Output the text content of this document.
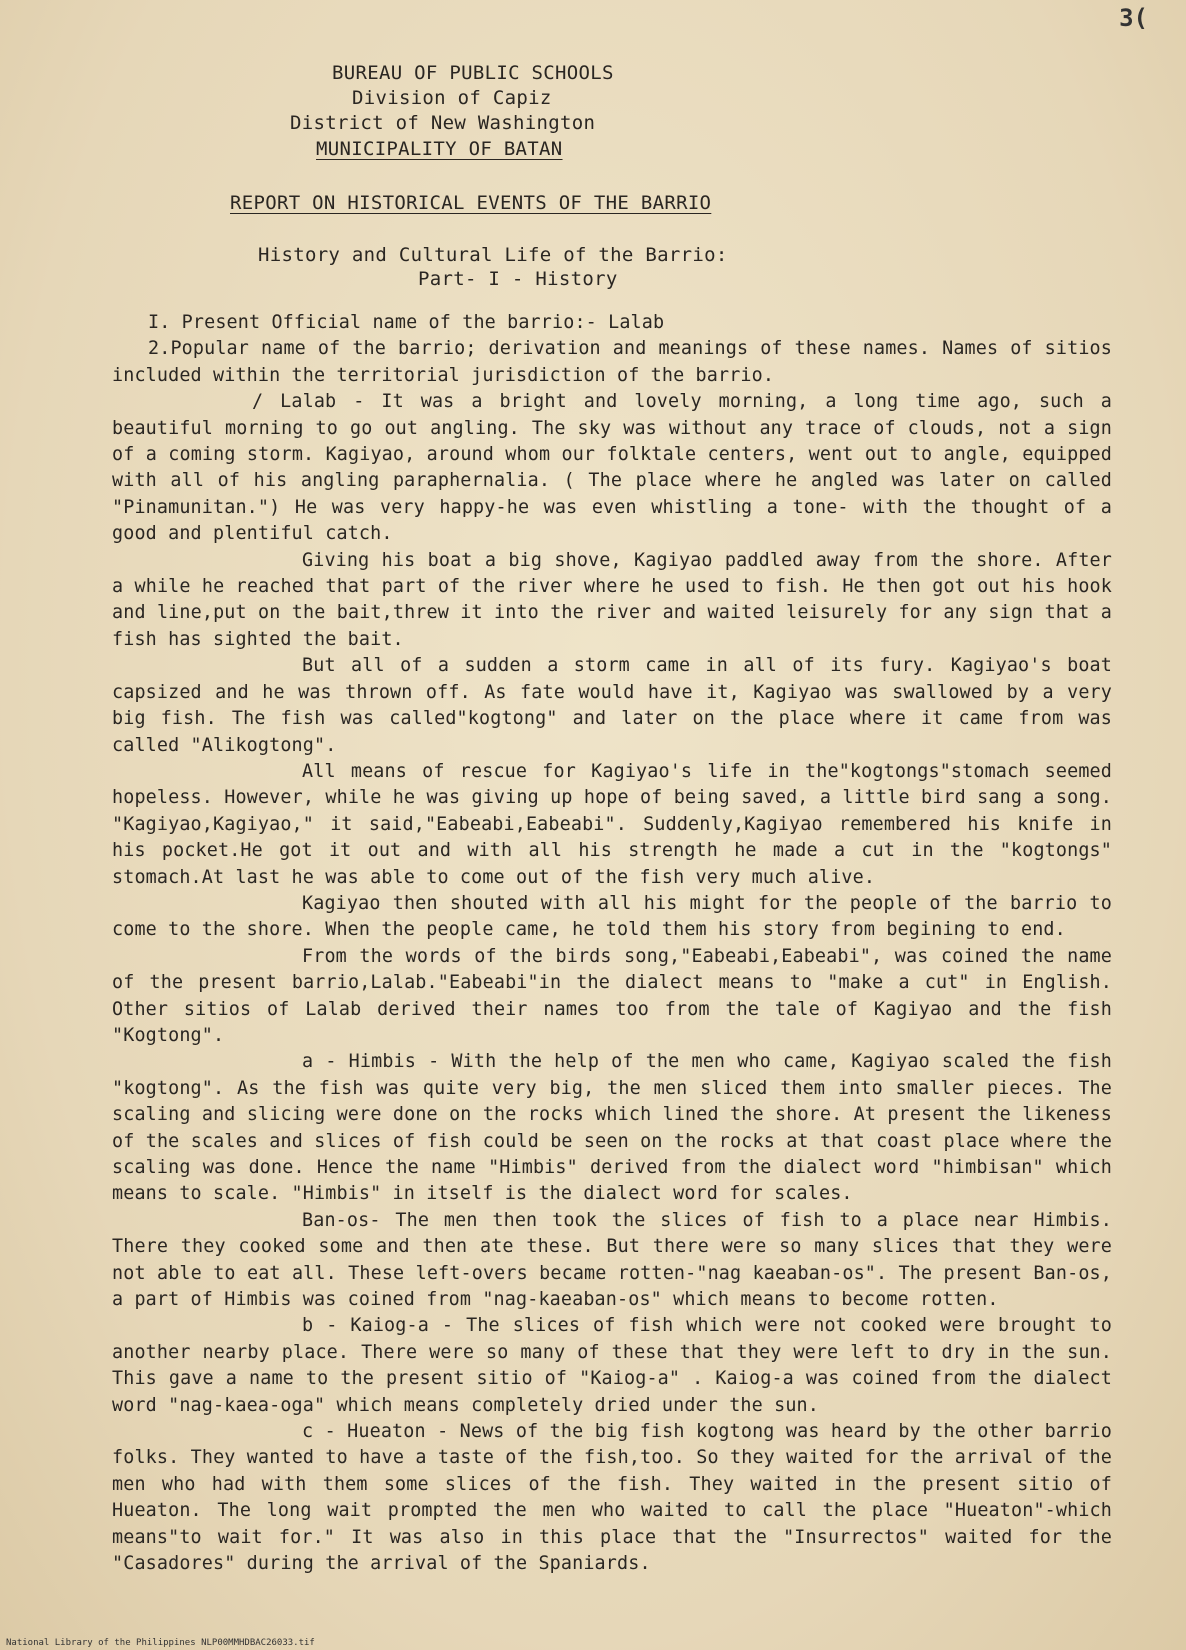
3(
BUREAU OF PUBLIC SCHOOLS
Division of Capiz
District of New Washington
MUNICIPALITY OF BATAN
REPORT ON HISTORICAL EVENTS OF THE BARRIO
History and Cultural Life of the Barrio:
Part- I - History

I. Present Official name of the barrio:- Lalab

2.Popular name of the barrio; derivation and meanings of these names. Names of sitios included within the territorial jurisdiction of the barrio.

/ Lalab - It was a bright and lovely morning, a long time ago, such a beautiful morning to go out angling. The sky was without any trace of clouds, not a sign of a coming storm. Kagiyao, around whom our folktale centers, went out to angle, equipped with all of his angling paraphernalia. ( The place where he angled was later on called "Pinamunitan.") He was very happy-he was even whistling a tone- with the thought of a good and plentiful catch.

Giving his boat a big shove, Kagiyao paddled away from the shore. After a while he reached that part of the river where he used to fish. He then got out his hook and line,put on the bait,threw it into the river and waited leisurely for any sign that a fish has sighted the bait.

But all of a sudden a storm came in all of its fury. Kagiyao's boat capsized and he was thrown off. As fate would have it, Kagiyao was swallowed by a very big fish. The fish was called"kogtong" and later on the place where it came from was called "Alikogtong".

All means of rescue for Kagiyao's life in the"kogtongs"stomach seemed hopeless. However, while he was giving up hope of being saved, a little bird sang a song. "Kagiyao,Kagiyao," it said,"Eabeabi,Eabeabi". Suddenly,Kagiyao remembered his knife in his pocket.He got it out and with all his strength he made a cut in the "kogtongs" stomach.At last he was able to come out of the fish very much alive.

Kagiyao then shouted with all his might for the people of the barrio to come to the shore. When the people came, he told them his story from begining to end.

From the words of the birds song,"Eabeabi,Eabeabi", was coined the name of the present barrio,Lalab."Eabeabi"in the dialect means to "make a cut" in English. Other sitios of Lalab derived their names too from the tale of Kagiyao and the fish "Kogtong".

a - Himbis - With the help of the men who came, Kagiyao scaled the fish "kogtong". As the fish was quite very big, the men sliced them into smaller pieces. The scaling and slicing were done on the rocks which lined the shore. At present the likeness of the scales and slices of fish could be seen on the rocks at that coast place where the scaling was done. Hence the name "Himbis" derived from the dialect word "himbisan" which means to scale. "Himbis" in itself is the dialect word for scales.

Ban-os- The men then took the slices of fish to a place near Himbis. There they cooked some and then ate these. But there were so many slices that they were not able to eat all. These left-overs became rotten-"nag kaeaban-os". The present Ban-os, a part of Himbis was coined from "nag-kaeaban-os" which means to become rotten.

b - Kaiog-a - The slices of fish which were not cooked were brought to another nearby place. There were so many of these that they were left to dry in the sun. This gave a name to the present sitio of "Kaiog-a" . Kaiog-a was coined from the dialect word "nag-kaea-oga" which means completely dried under the sun.

c - Hueaton - News of the big fish kogtong was heard by the other barrio folks. They wanted to have a taste of the fish,too. So they waited for the arrival of the men who had with them some slices of the fish. They waited in the present sitio of Hueaton. The long wait prompted the men who waited to call the place "Hueaton"-which means"to wait for." It was also in this place that the "Insurrectos" waited for the "Casadores" during the arrival of the Spaniards.

National Library of the Philippines NLP00MMHDBAC26033.tif
